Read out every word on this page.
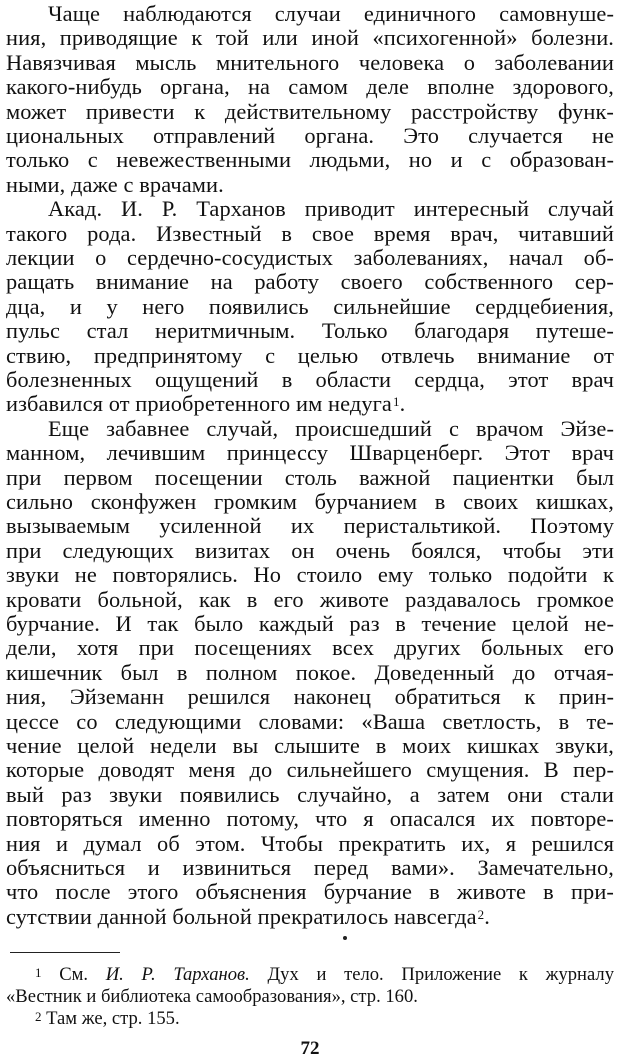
Чаще наблюдаются случаи единичного самовнуше-

ния, приводящие к той или иной «психогенной» болезни.

Навязчивая мысль мнительного человека о заболевании

какого-нибудь органа, на самом деле вполне здорового,

может привести к действительному расстройству функ-

циональных отправлений органа. Это случается не

только с невежественными людьми, но и с образован-

ными, даже с врачами.

Акад. И. Р. Тарханов приводит интересный случай

такого рода. Известный в свое время врач, читавший

лекции о сердечно-сосудистых заболеваниях, начал об-

ращать внимание на работу своего собственного сер-

дца, и у него появились сильнейшие сердцебиения,

пульс стал неритмичным. Только благодаря путеше-

ствию, предпринятому с целью отвлечь внимание от

болезненных ощущений в области сердца, этот врач

избавился от приобретенного им недуга$^1$.

Еще забавнее случай, происшедший с врачом Эйзе-

манном, лечившим принцессу Шварценберг. Этот врач

при первом посещении столь важной пациентки был

сильно сконфужен громким бурчанием в своих кишках,

вызываемым усиленной их перистальтикой. Поэтому

при следующих визитах он очень боялся, чтобы эти

звуки не повторялись. Но стоило ему только подойти к

кровати больной, как в его животе раздавалось громкое

бурчание. И так было каждый раз в течение целой не-

дели, хотя при посещениях всех других больных его

кишечник был в полном покое. Доведенный до отчая-

ния, Эйземанн решился наконец обратиться к прин-

цессе со следующими словами: «Ваша светлость, в те-

чение целой недели вы слышите в моих кишках звуки,

которые доводят меня до сильнейшего смущения. В пер-

вый раз звуки появились случайно, а затем они стали

повторяться именно потому, что я опасался их повторе-

ния и думал об этом. Чтобы прекратить их, я решился

объясниться и извиниться перед вами». Замечательно,

что после этого объяснения бурчание в животе в при-

сутствии данной больной прекратилось навсегда$^2$.

$^1$ См. И. Р. Тарханов. Дух и тело. Приложение к журналу

«Вестник и библиотека самообразования», стр. 160.

$^2$ Там же, стр. 155.

72
